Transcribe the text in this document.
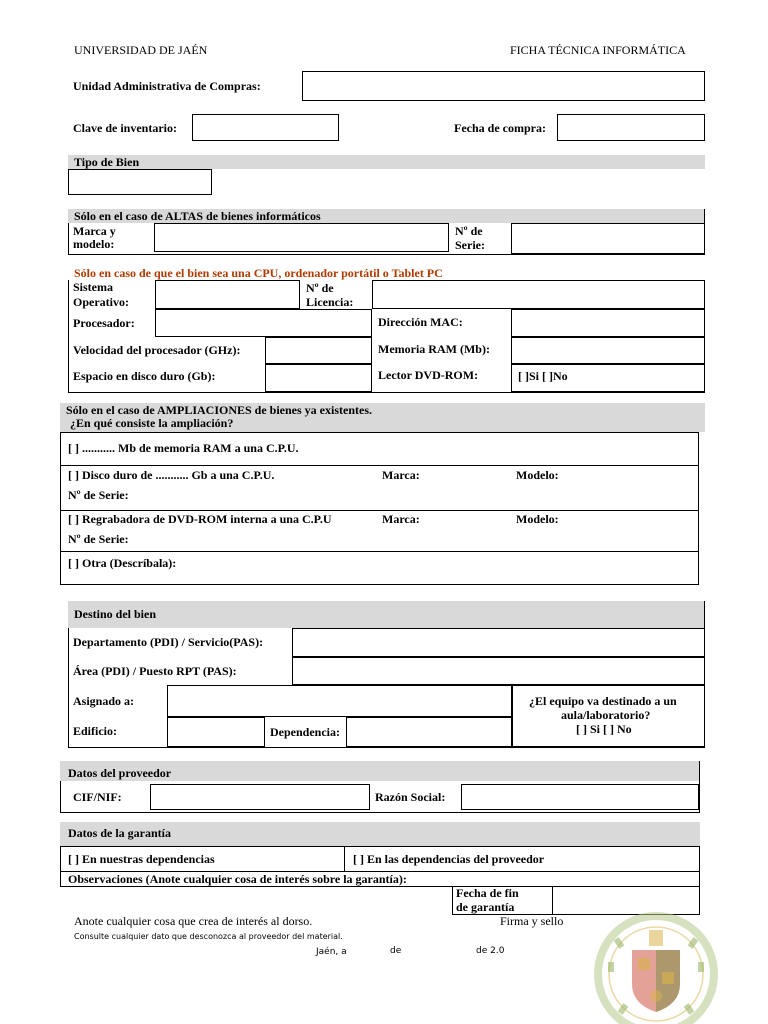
UNIVERSIDAD DE JAÉN	FICHA TÉCNICA INFORMÁTICA
Unidad Administrativa de Compras:
Clave de inventario:	Fecha de compra:
Tipo de Bien
Sólo en el caso de ALTAS de bienes informáticos
Marca y
modelo:
Nº de
Serie:
Sólo en caso de que el bien sea una CPU, ordenador portátil o Tablet PC
Sistema
Operativo:
Nº de
Licencia:
Procesador:	Dirección MAC:
Velocidad del procesador (GHz):	Memoria RAM (Mb):
Espacio en disco duro (Gb):	Lector DVD-ROM:	[ ]Si [ ]No
Sólo en el caso de AMPLIACIONES de bienes ya existentes.
¿En qué consiste la ampliación?
[ ] ........... Mb de memoria RAM a una C.P.U.
[ ] Disco duro de ........... Gb a una C.P.U.	Marca:	Modelo:
Nº de Serie:
[ ] Regrabadora de DVD-ROM interna a una C.P.U	Marca:	Modelo:
Nº de Serie:
[ ] Otra (Descríbala):
Destino del bien
Departamento (PDI) / Servicio(PAS):
Área (PDI) / Puesto RPT (PAS):
Asignado a:
Edificio:	Dependencia:
¿El equipo va destinado a un
aula/laboratorio?
[ ] Si [ ] No
Datos del proveedor
CIF/NIF:	Razón Social:
Datos de la garantía
[ ] En nuestras dependencias	[ ] En las dependencias del proveedor
Observaciones (Anote cualquier cosa de interés sobre la garantía):
Fecha de fin
de garantía
Anote cualquier cosa que crea de interés al dorso.	Firma y sello
Consulte cualquier dato que desconozca al proveedor del material.
Jaén, a	de	de 2.0
